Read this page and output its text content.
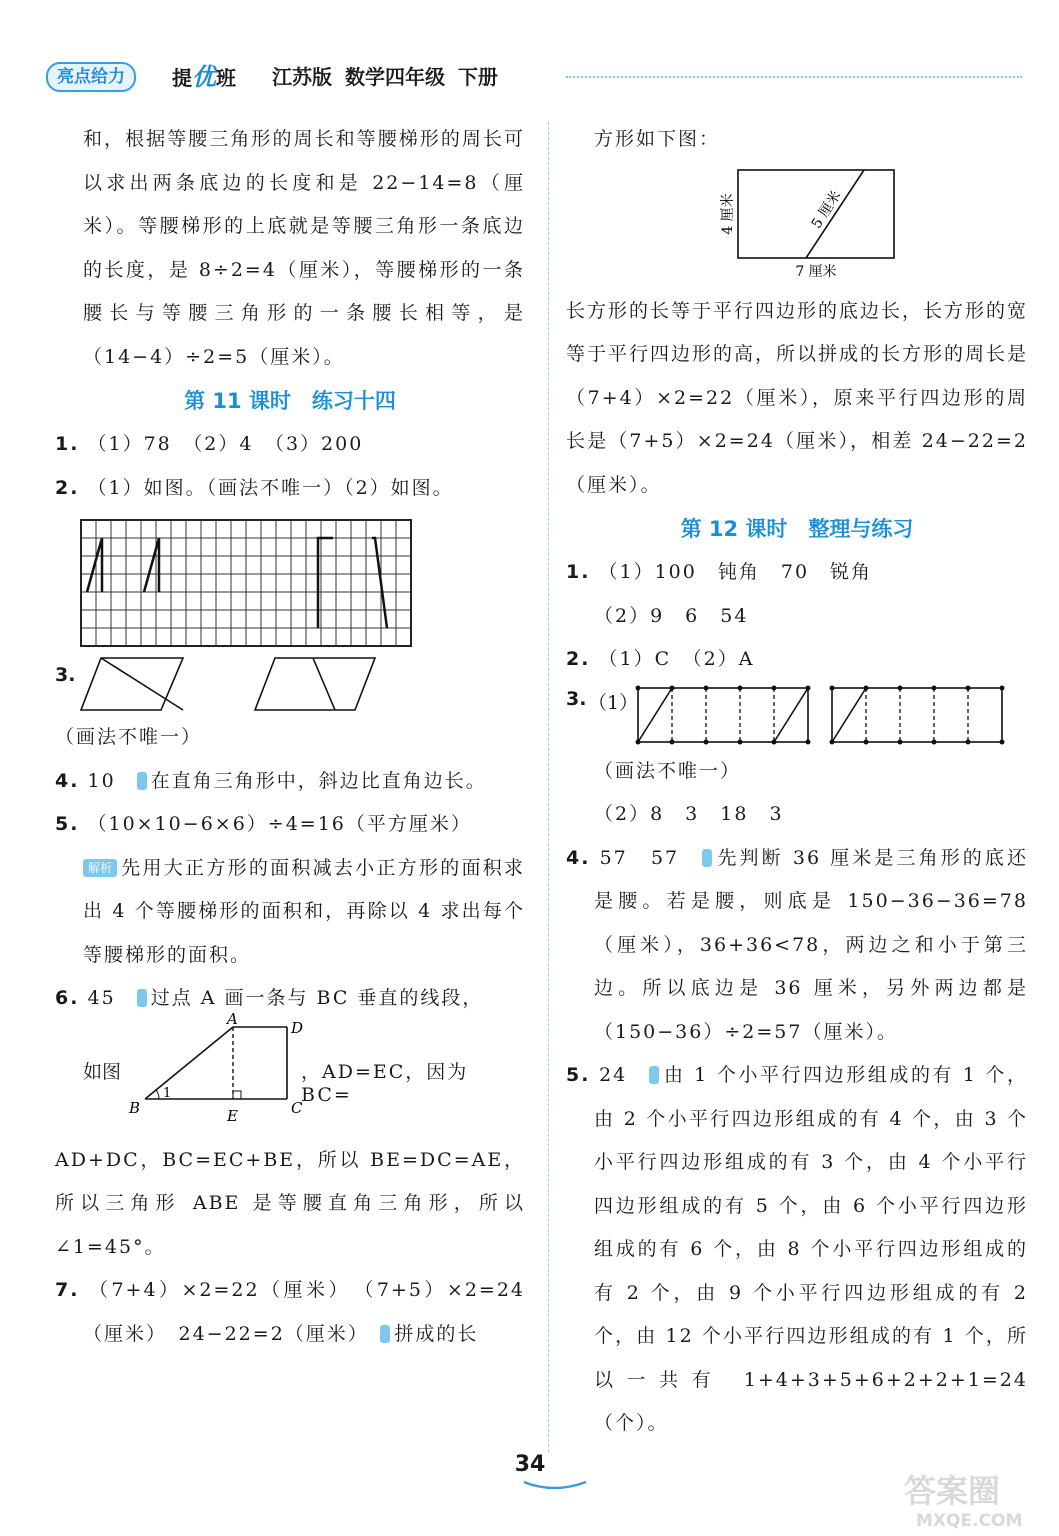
亮点给力	提优班 江苏版 数学四年级 下册

和，根据等腰三角形的周长和等腰梯形的周长可以求出两条底边的长度和是 22−14=8（厘米）。等腰梯形的上底就是等腰三角形一条底边的长度，是 8÷2=4（厘米），等腰梯形的一条腰长与等腰三角形的一条腰长相等，是（14−4）÷2=5（厘米）。

第 11 课时　练习十四

1. （1）78　（2）4　（3）200

2. （1）如图。（画法不唯一）（2）如图。

3.

（画法不唯一）

4. 10　解析 在直角三角形中，斜边比直角边长。

5. （10×10−6×6）÷4=16（平方厘米）

解析 先用大正方形的面积减去小正方形的面积求出 4 个等腰梯形的面积和，再除以 4 求出每个等腰梯形的面积。

6. 45　解析 过点 A 画一条与 BC 垂直的线段，

如图
A	D
B	C
E
1
，AD=EC，因为 BC=

AD+DC，BC=EC+BE，所以 BE=DC=AE，所以三角形 ABE 是等腰直角三角形，所以∠1=45°。

7. （7+4）×2=22（厘米）　（7+5）×2=24（厘米）　24−22=2（厘米）　解析 拼成的长

方形如下图：

4 厘米	5 厘米
7 厘米

长方形的长等于平行四边形的底边长，长方形的宽等于平行四边形的高，所以拼成的长方形的周长是（7+4）×2=22（厘米），原来平行四边形的周长是（7+5）×2=24（厘米），相差 24−22=2（厘米）。

第 12 课时　整理与练习

1. （1）100　钝角　70　锐角

（2）9　6　54

2. （1）C　（2）A

3. （1）

（画法不唯一）

（2）8　3　18　3

4. 57　57　解析 先判断 36 厘米是三角形的底还是腰。若是腰，则底是 150−36−36=78（厘米），36+36<78，两边之和小于第三边。所以底边是 36 厘米，另外两边都是（150−36）÷2=57（厘米）。

5. 24　解析 由 1 个小平行四边形组成的有 1 个，由 2 个小平行四边形组成的有 4 个，由 3 个小平行四边形组成的有 3 个，由 4 个小平行四边形组成的有 5 个，由 6 个小平行四边形组成的有 6 个，由 8 个小平行四边形组成的有 2 个，由 9 个小平行四边形组成的有 2 个，由 12 个小平行四边形组成的有 1 个，所以一共有 1+4+3+5+6+2+2+1=24（个）。

34
答案圈
MXQE.COM
